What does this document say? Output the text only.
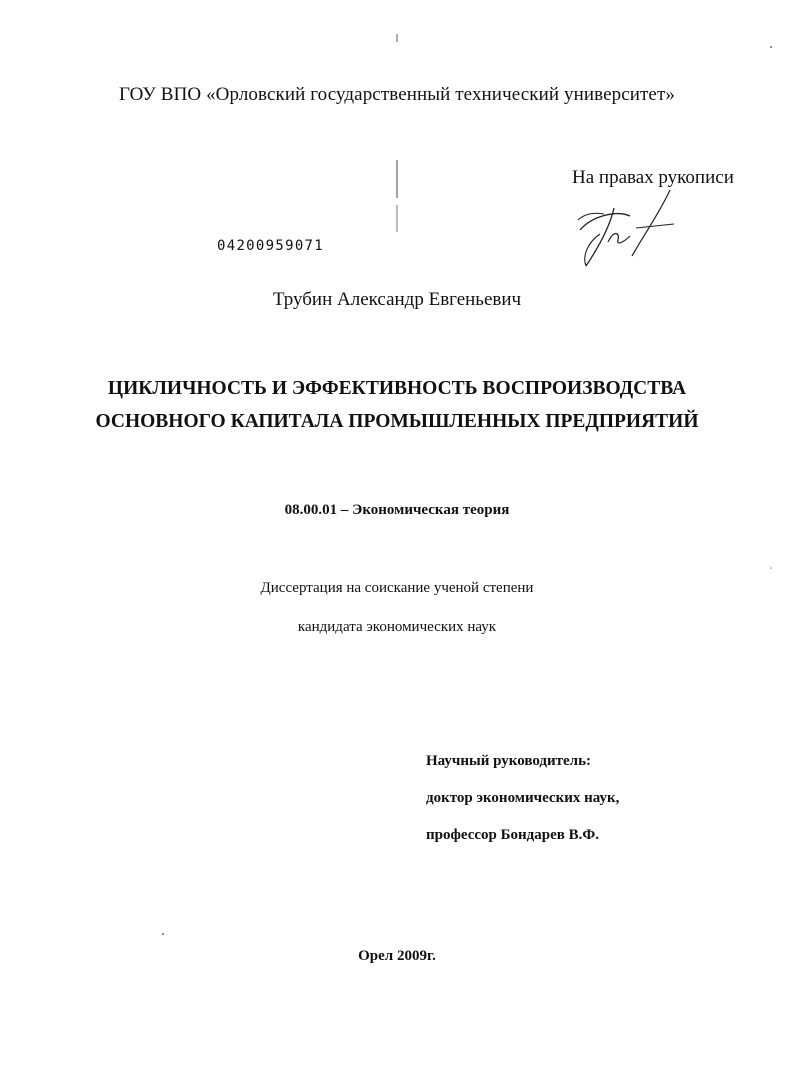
ГОУ ВПО «Орловский государственный технический университет»
На правах рукописи
04200959071
Трубин Александр Евгеньевич
ЦИКЛИЧНОСТЬ И ЭФФЕКТИВНОСТЬ ВОСПРОИЗВОДСТВА
ОСНОВНОГО КАПИТАЛА ПРОМЫШЛЕННЫХ ПРЕДПРИЯТИЙ
08.00.01 – Экономическая теория
Диссертация на соискание ученой степени
кандидата экономических наук
Научный руководитель:
доктор экономических наук,
профессор Бондарев В.Ф.
Орел 2009г.
